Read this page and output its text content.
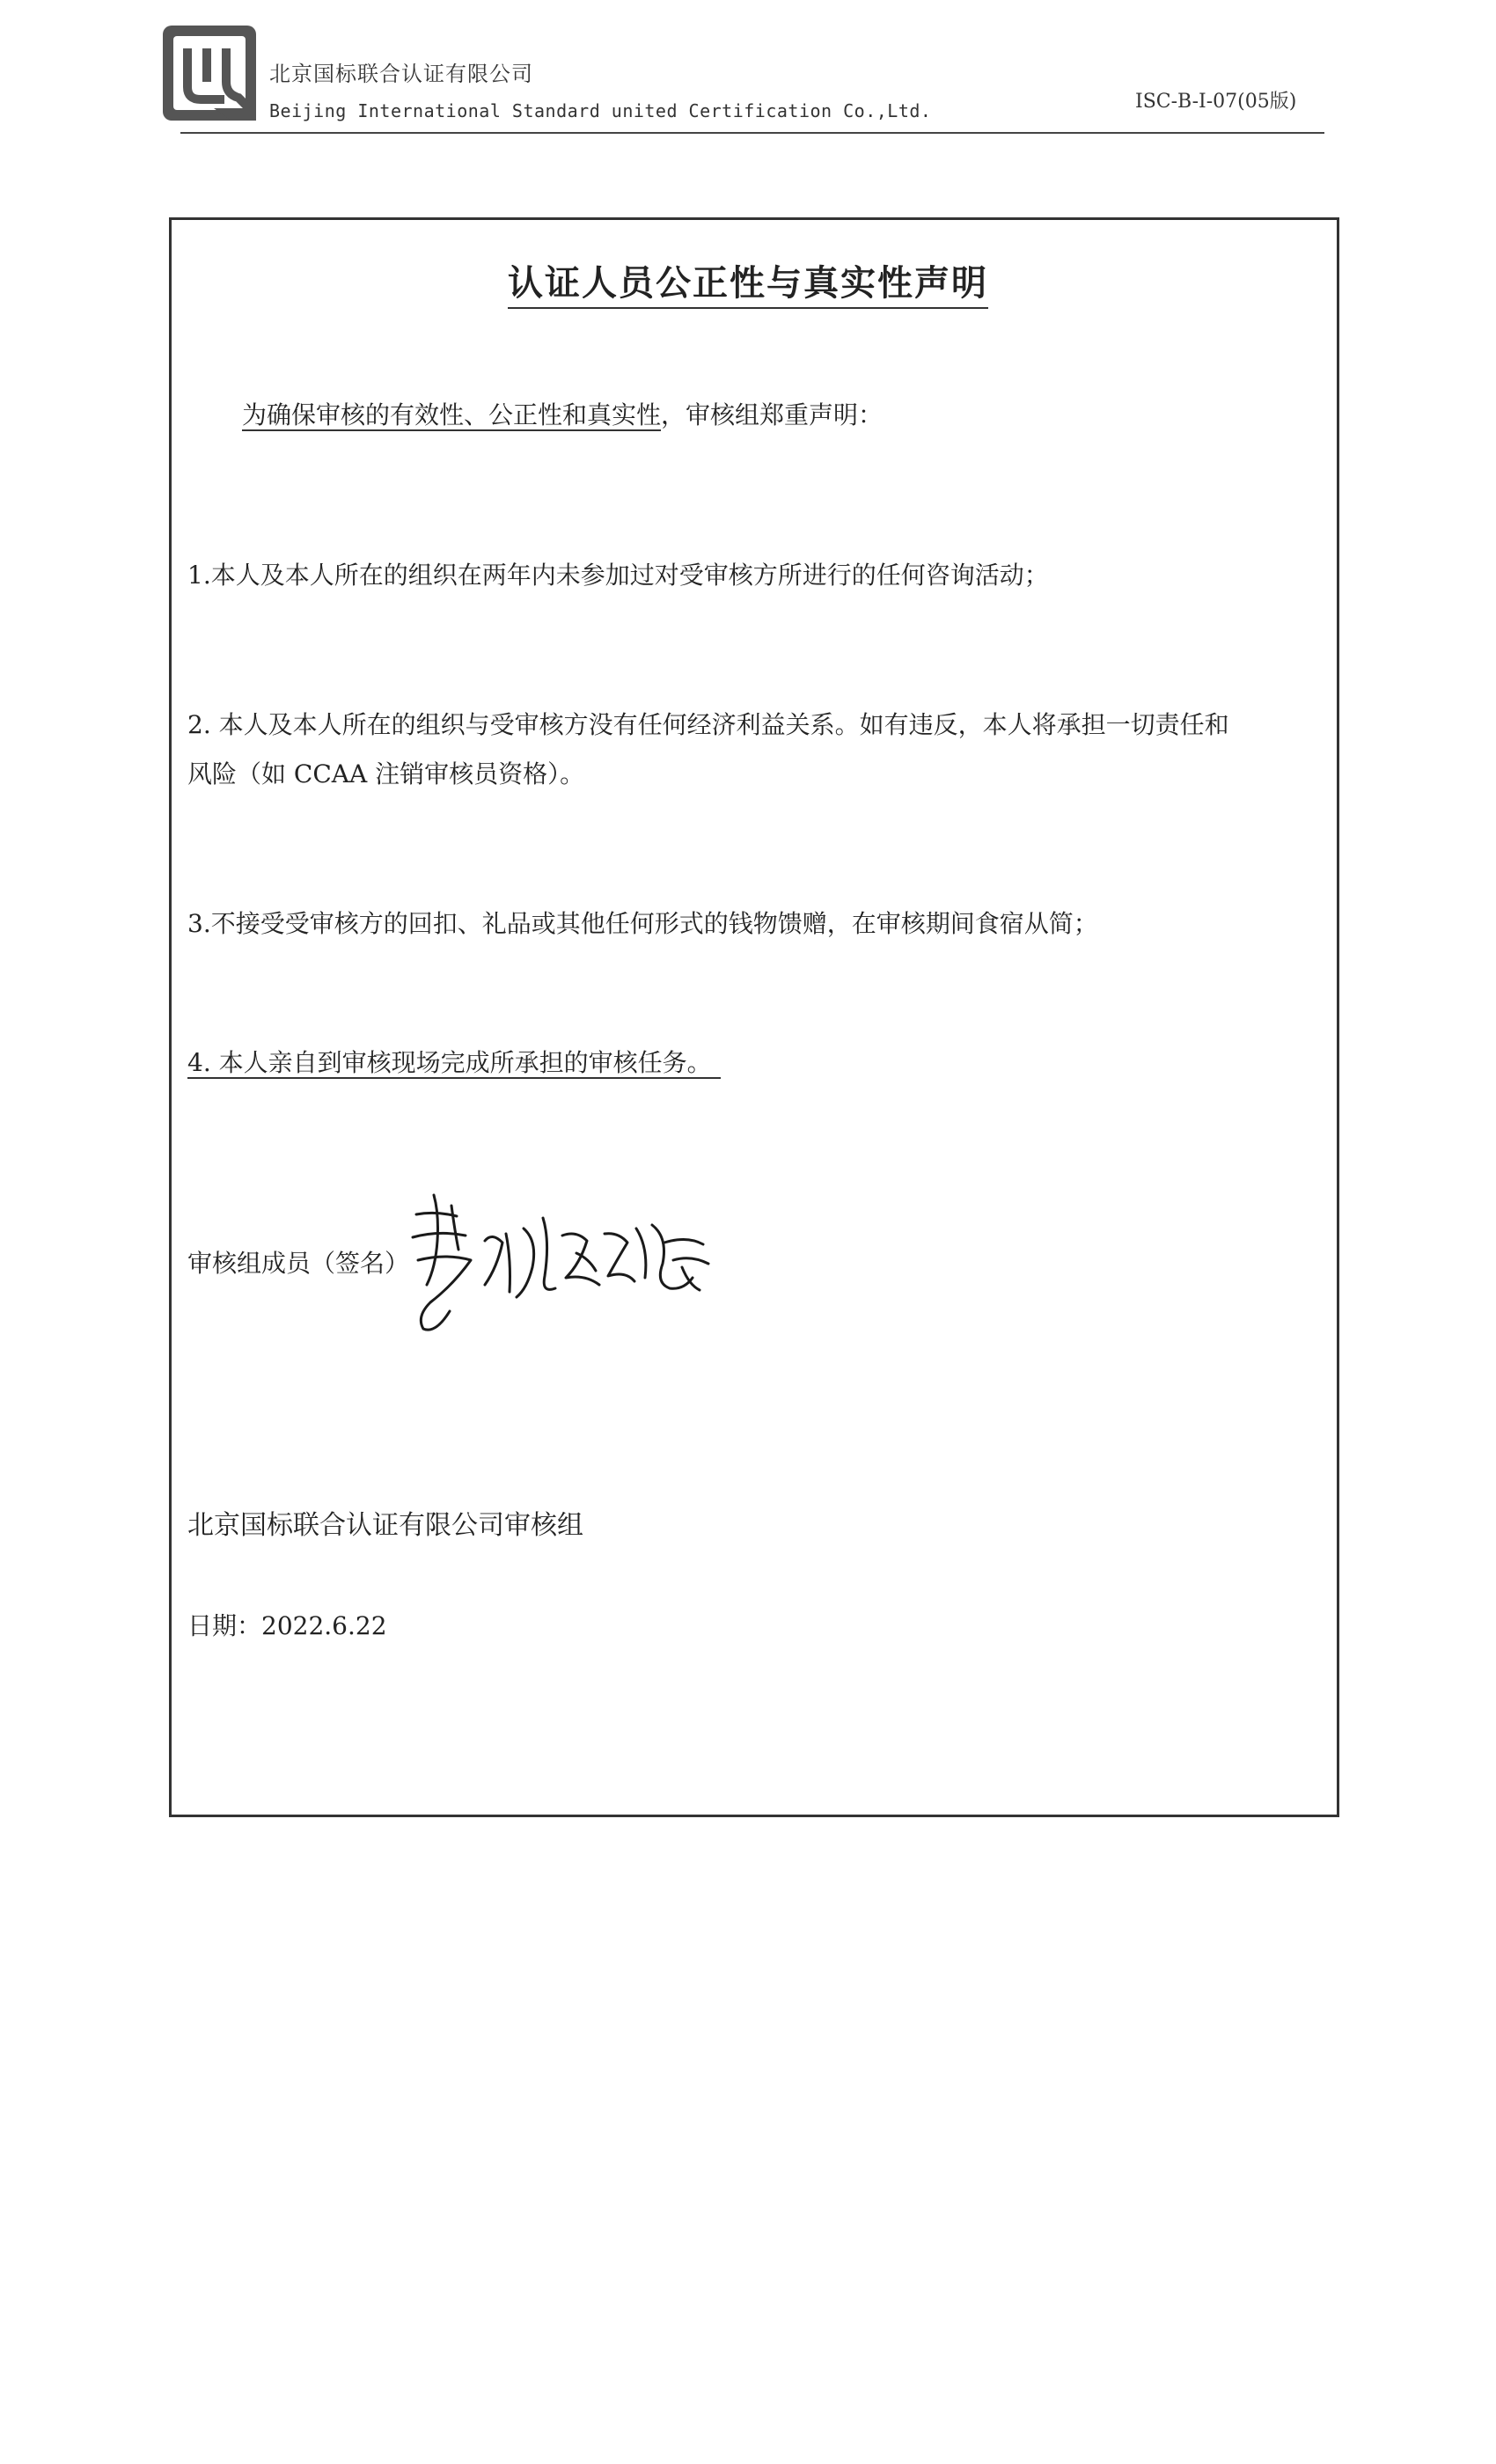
北京国标联合认证有限公司
Beijing International Standard united Certification Co.,Ltd.	ISC-B-I-07(05版)
认证人员公正性与真实性声明
为确保审核的有效性、公正性和真实性，审核组郑重声明：
1.本人及本人所在的组织在两年内未参加过对受审核方所进行的任何咨询活动；
2. 本人及本人所在的组织与受审核方没有任何经济利益关系。如有违反，本人将承担一切责任和
风险（如 CCAA 注销审核员资格）。
3.不接受受审核方的回扣、礼品或其他任何形式的钱物馈赠，在审核期间食宿从简；
4. 本人亲自到审核现场完成所承担的审核任务。
审核组成员（签名）
北京国标联合认证有限公司审核组
日期：2022.6.22
